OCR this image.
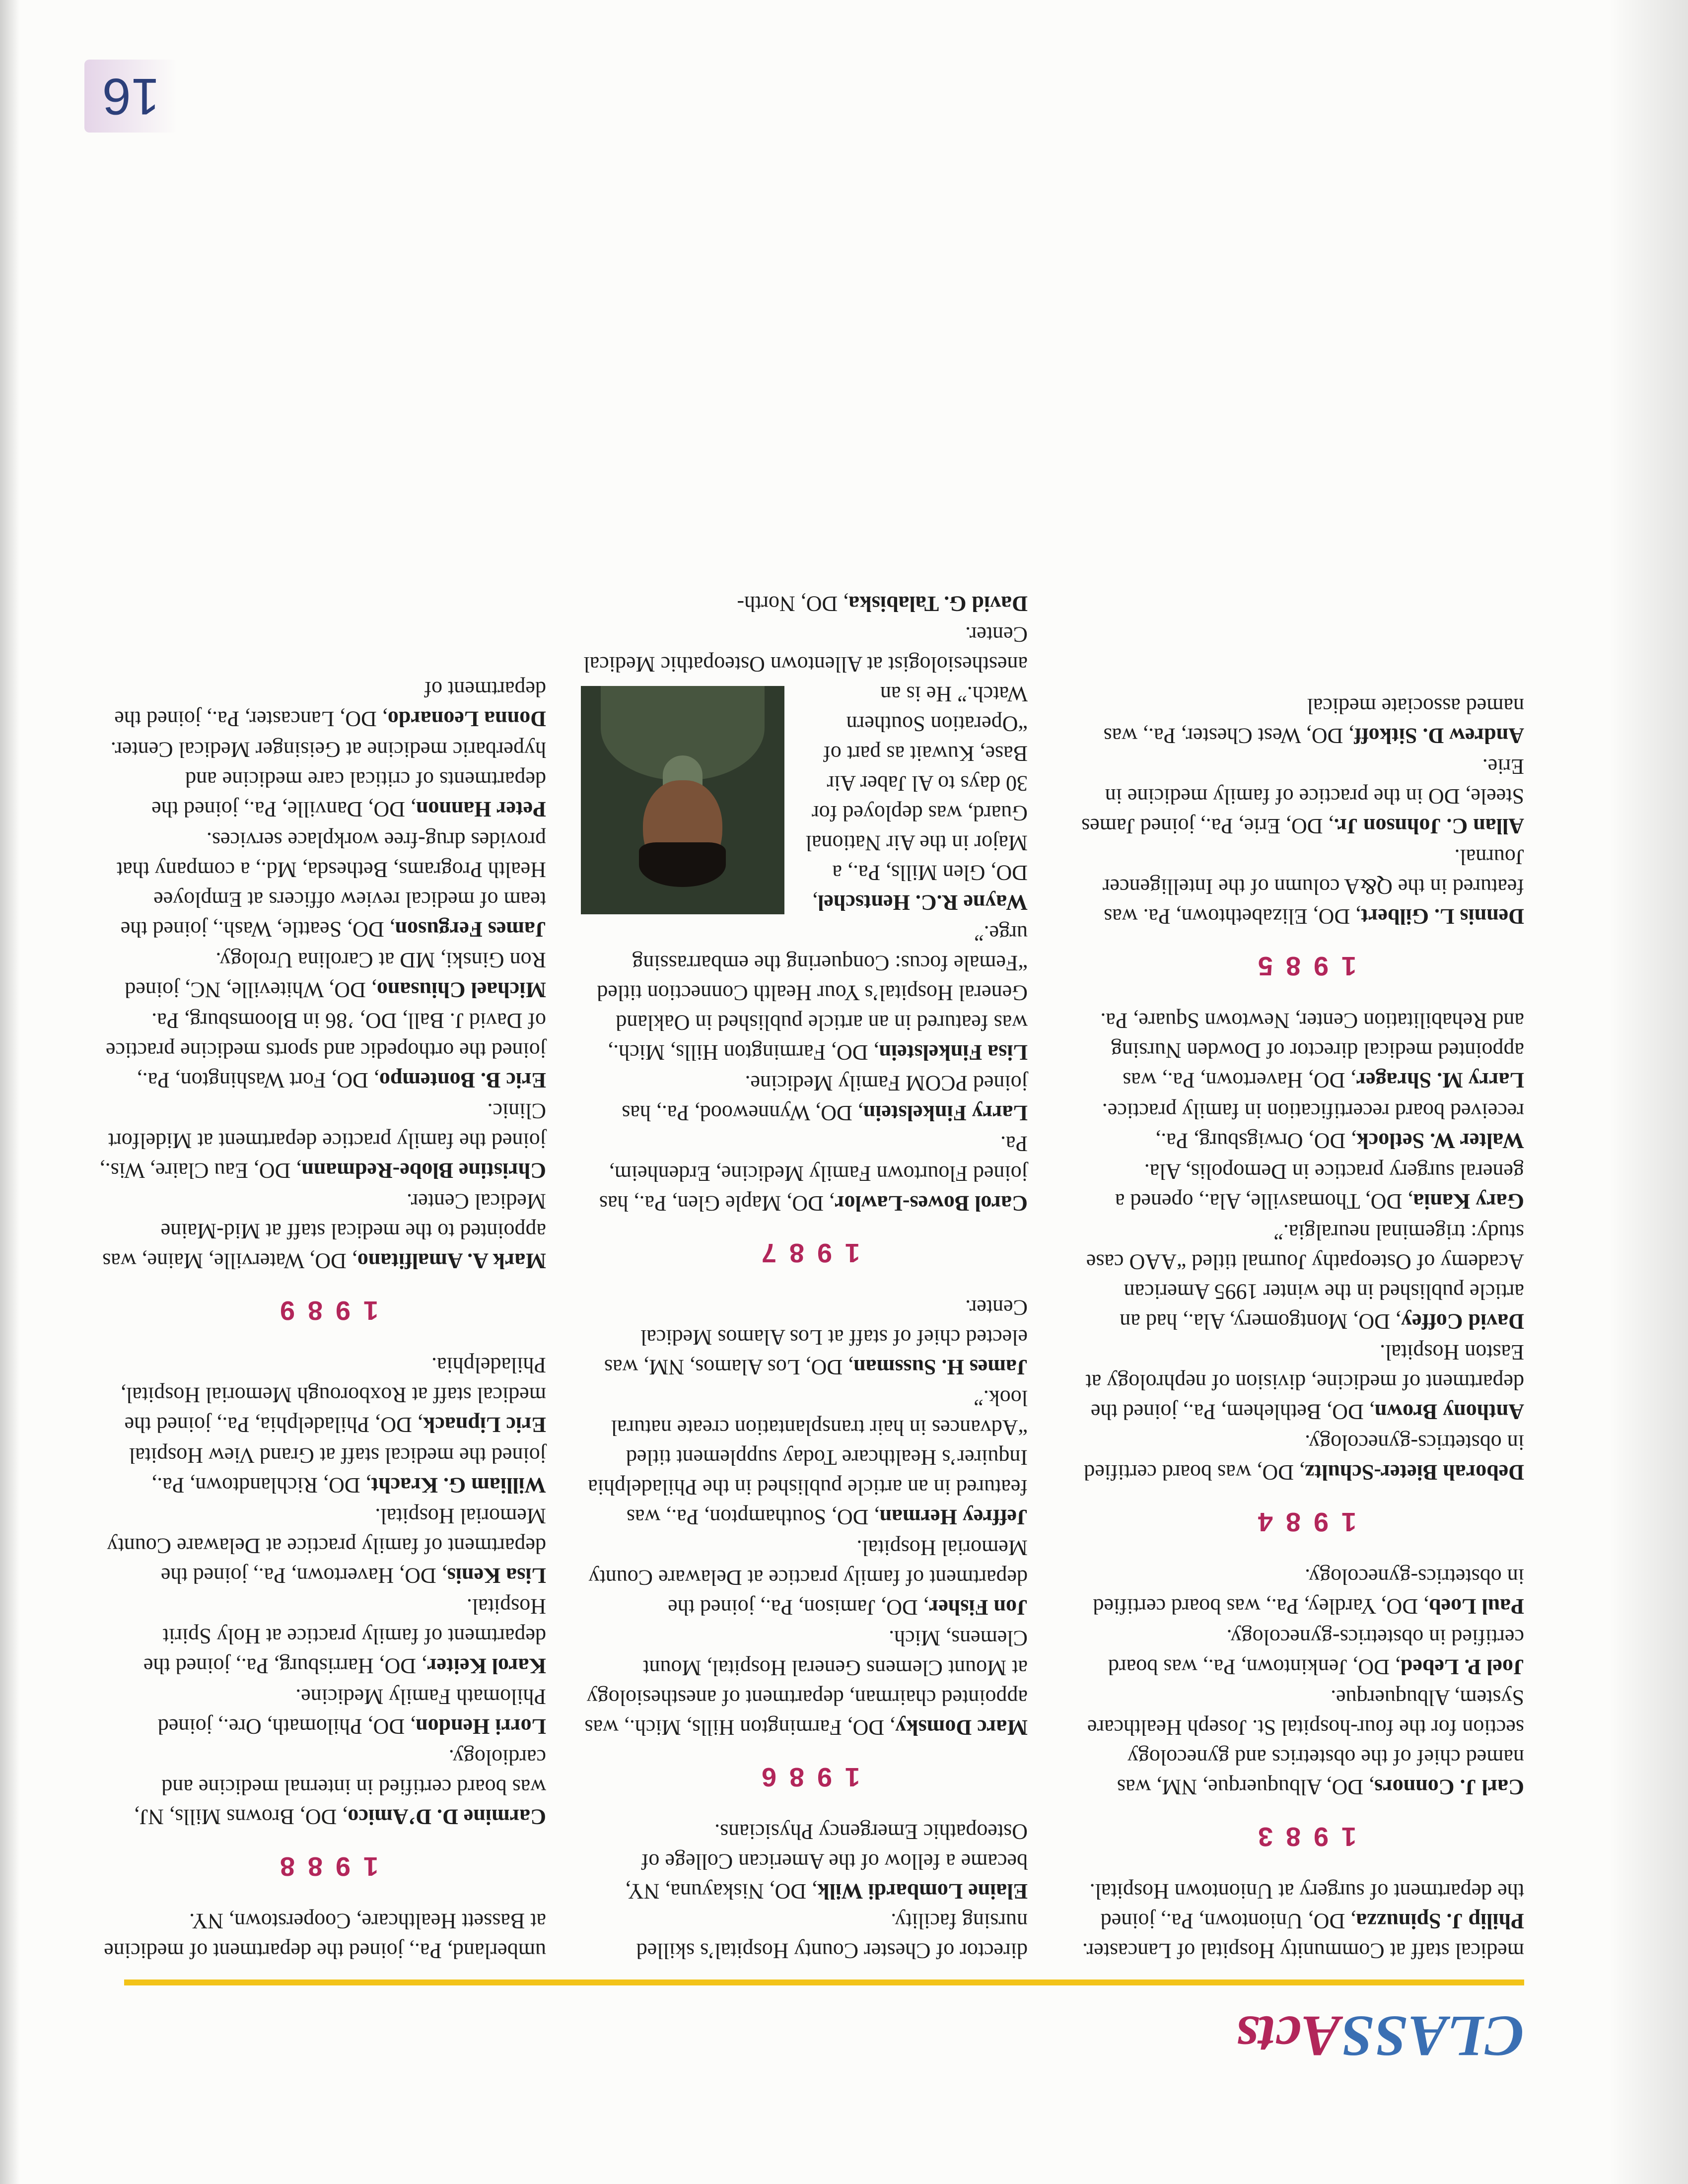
CLASS
Acts

medical staff at Community Hospital of Lancaster.

Philip J. Spinuzza, DO, Uniontown, Pa., joined the department of surgery at Uniontown Hospital.

1983

Carl J. Connors, DO, Albuquerque, NM, was named chief of the obstetrics and gynecology section for the four-hospital St. Joseph Healthcare System, Albuquerque.

Joel P. Lebed, DO, Jenkintown, Pa., was board certified in obstetrics-gynecology.

Paul Loeb, DO, Yardley, Pa., was board certified in obstetrics-gynecology.

1984

Deborah Bieter-Schultz, DO, was board certified in obstetrics-gynecology.

Anthony Brown, DO, Bethlehem, Pa., joined the department of medicine, division of nephrology at Easton Hospital.

David Coffey, DO, Montgomery, Ala., had an article published in the winter 1995 American Academy of Osteopathy Journal titled “AAO case study: trigeminal neuralgia.”

Gary Kania, DO, Thomasville, Ala., opened a general surgery practice in Demopolis, Ala.

Walter W. Setlock, DO, Orwigsburg, Pa., received board recertification in family practice.

Larry M. Shrager, DO, Havertown, Pa., was appointed medical director of Dowden Nursing and Rehabilitation Center, Newtown Square, Pa.

1985

Dennis L. Gilbert, DO, Elizabethtown, Pa. was featured in the Q&A column of the Intelligencer Journal.

Allan C. Johnson Jr., DO, Erie, Pa., joined James Steele, DO in the practice of family medicine in Erie.

Andrew D. Sitkoff, DO, West Chester, Pa., was named associate medical

director of Chester County Hospital’s skilled nursing facility.

Elaine Lombardi Wilk, DO, Niskayuna, NY, became a fellow of the American College of Osteopathic Emergency Physicians.

1986

Marc Domsky, DO, Farmington Hills, Mich., was appointed chairman, department of anesthesiology at Mount Clemens General Hospital, Mount Clemens, Mich.

Jon Fisher, DO, Jamison, Pa., joined the department of family practice at Delaware County Memorial Hospital.

Jeffrey Herman, DO, Southampton, Pa., was featured in an article published in the Philadelphia Inquirer’s Healthcare Today supplement titled “Advances in hair transplantation create natural look.”

James H. Sussman, DO, Los Alamos, NM, was elected chief of staff at Los Alamos Medical Center.

1987

Carol Bowes-Lawlor, DO, Maple Glen, Pa., has joined Flourtown Family Medicine, Erdenheim, Pa.

Larry Finkelstein, DO, Wynnewood, Pa., has joined PCOM Family Medicine.

Lisa Finkelstein, DO, Farmington Hills, Mich., was featured in an article published in Oakland General Hospital’s Your Health Connection titled “Female focus: Conquering the embarrassing urge.”

Wayne R.C. Hentschel, DO, Glen Mills, Pa., a Major in the Air National Guard, was deployed for 30 days to Al Jaber Air Base, Kuwait as part of “Operation Southern Watch.” He is an anesthesiologist at Allentown Osteopathic Medical Center.

David G. Talabiska, DO, North-

umberland, Pa., joined the department of medicine at Bassett Healthcare, Cooperstown, NY.

1988

Carmine D. D’Amico, DO, Browns Mills, NJ, was board certified in internal medicine and cardiology.

Lorri Hendon, DO, Philomath, Ore., joined Philomath Family Medicine.

Karol Keiter, DO, Harrisburg, Pa., joined the department of family practice at Holy Spirit Hospital.

Lisa Kenis, DO, Havertown, Pa., joined the department of family practice at Delaware County Memorial Hospital.

William G. Kracht, DO, Richlandtown, Pa., joined the medical staff at Grand View Hospital

Eric Lipnack, DO, Philadelphia, Pa., joined the medical staff at Roxborough Memorial Hospital, Philadelphia.

1989

Mark A. Amalfitano, DO, Waterville, Maine, was appointed to the medical staff at Mid-Maine Medical Center.

Christine Blobe-Redmann, DO, Eau Claire, Wis., joined the family practice department at Midelfort Clinic.

Eric B. Bontempo, DO, Fort Washington, Pa., joined the orthopedic and sports medicine practice of David J. Ball, DO, ’86 in Bloomsburg, Pa.

Michael Chiusano, DO, Whiteville, NC, joined Ron Ginski, MD at Carolina Urology.

James Ferguson, DO, Seattle, Wash., joined the team of medical review officers at Employee Health Programs, Bethesda, Md., a company that provides drug-free workplace services.

Peter Hannon, DO, Danville, Pa., joined the departments of critical care medicine and hyperbaric medicine at Geisinger Medical Center.

Donna Leonardo, DO, Lancaster, Pa., joined the department of

16
